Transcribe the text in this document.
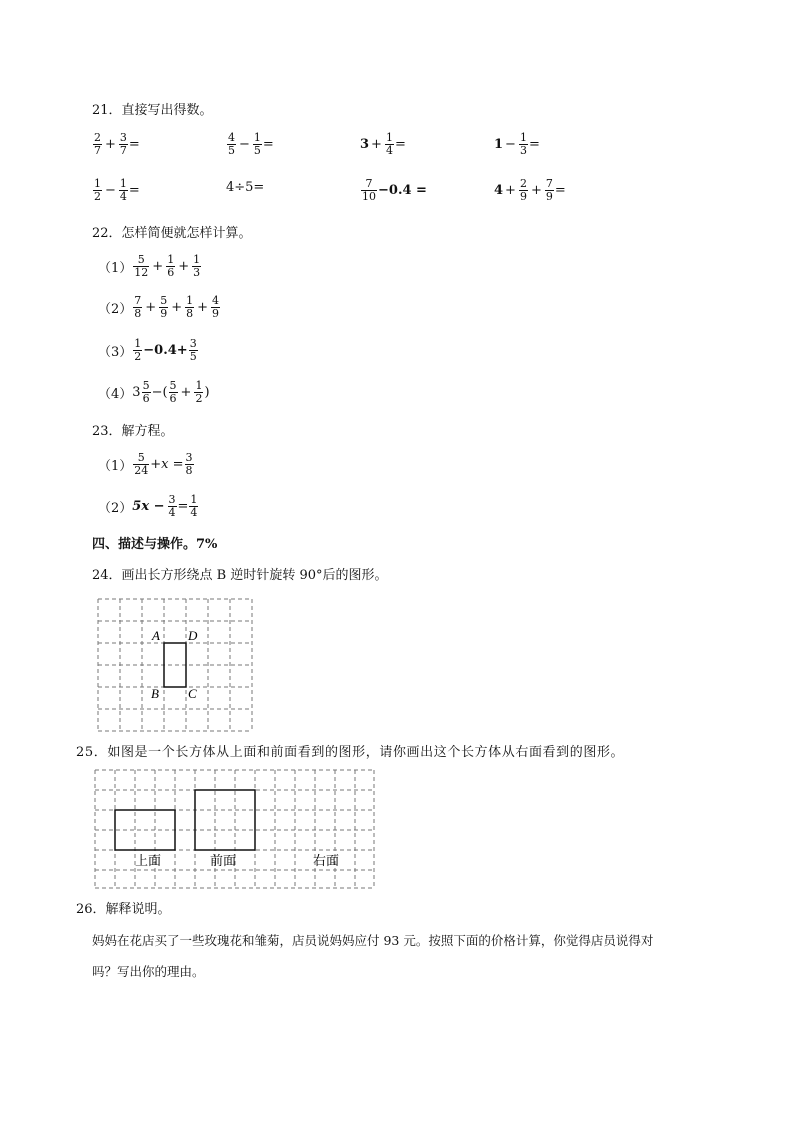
21．直接写出得数。
$\frac{2}{7} + \frac{3}{7}$ =	$\frac{4}{5} - \frac{1}{5}$ =	$3 + \frac{1}{4}$ =	$1 - \frac{1}{3}$ =
$\frac{1}{2} - \frac{1}{4}$ =	4÷5=	$\frac{7}{10} -0.4$ =	$4 + \frac{2}{9} + \frac{7}{9}$ =
22．怎样简便就怎样计算。
$(1) \frac{5}{12} + \frac{1}{6} + \frac{1}{3}$
$(2) \frac{7}{8} + \frac{5}{9} + \frac{1}{8} + \frac{4}{9}$
$(3) \frac{1}{2} -0.4+ \frac{3}{5}$
（4） $3 \frac{5}{6}$ −( $\frac{5}{6} + \frac{1}{2}$ )
23．解方程。
$(1) \frac{5}{24} +x = \frac{3}{8}$
（2） $5x - \frac{3}{4} = \frac{1}{4}$
四、描述与操作。7%
24．画出长方形绕点 B 逆时针旋转 90°后的图形。
A D
B C
25．如图是一个长方体从上面和前面看到的图形，请你画出这个长方体从右面看到的图形。
上面	前面	右面
26．解释说明。
妈妈在花店买了一些玫瑰花和雏菊，店员说妈妈应付 93 元。按照下面的价格计算，你觉得店员说得对
吗？写出你的理由。
